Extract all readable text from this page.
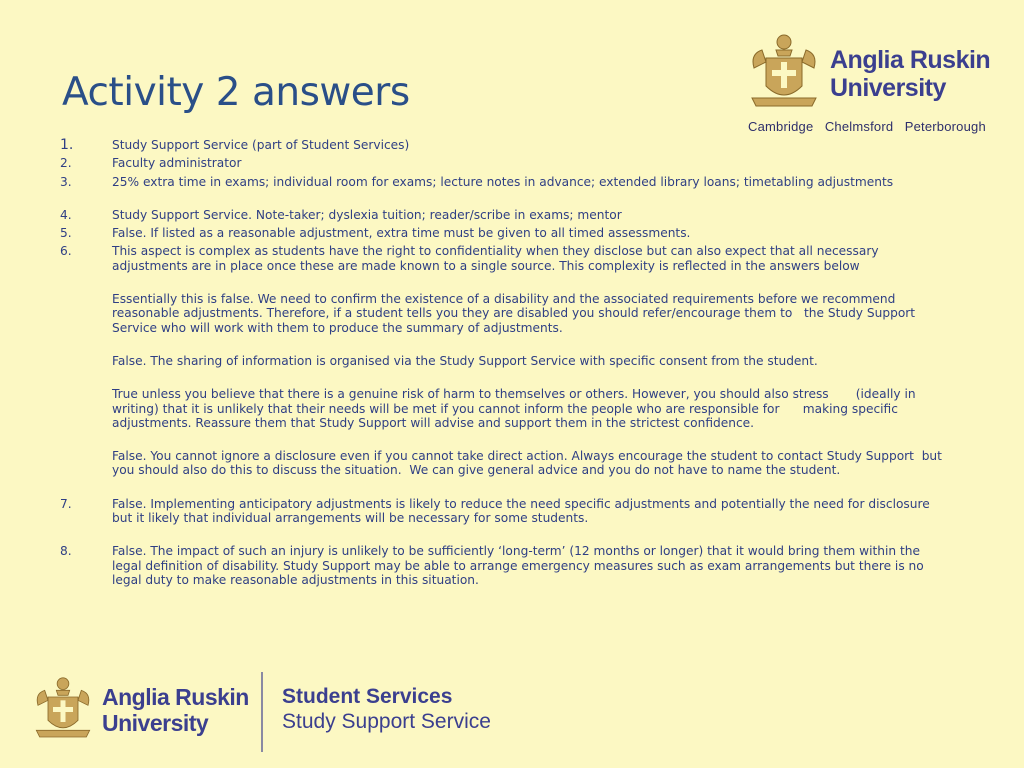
Activity 2 answers
Anglia Ruskin
University
Cambridge   Chelmsford   Peterborough
1.	Study Support Service (part of Student Services)
2.	Faculty administrator
3.	25% extra time in exams; individual room for exams; lecture notes in advance; extended library loans; timetabling adjustments
4.	Study Support Service. Note-taker; dyslexia tuition; reader/scribe in exams; mentor
5.	False. If listed as a reasonable adjustment, extra time must be given to all timed assessments.
6.	This aspect is complex as students have the right to confidentiality when they disclose but can also expect that all necessary adjustments are in place once these are made known to a single source. This complexity is reflected in the answers below
Essentially this is false. We need to confirm the existence of a disability and the associated requirements before we recommend reasonable adjustments. Therefore, if a student tells you they are disabled you should refer/encourage them to   the Study Support Service who will work with them to produce the summary of adjustments.
False. The sharing of information is organised via the Study Support Service with specific consent from the student.
True unless you believe that there is a genuine risk of harm to themselves or others. However, you should also stress       (ideally in writing) that it is unlikely that their needs will be met if you cannot inform the people who are responsible for      making specific adjustments. Reassure them that Study Support will advise and support them in the strictest confidence.
False. You cannot ignore a disclosure even if you cannot take direct action. Always encourage the student to contact Study Support  but you should also do this to discuss the situation.  We can give general advice and you do not have to name the student.
7.	False. Implementing anticipatory adjustments is likely to reduce the need specific adjustments and potentially the need for disclosure but it likely that individual arrangements will be necessary for some students.
8.	False. The impact of such an injury is unlikely to be sufficiently ‘long-term’ (12 months or longer) that it would bring them within the legal definition of disability. Study Support may be able to arrange emergency measures such as exam arrangements but there is no legal duty to make reasonable adjustments in this situation.
Anglia Ruskin
University
Student Services
Study Support Service
